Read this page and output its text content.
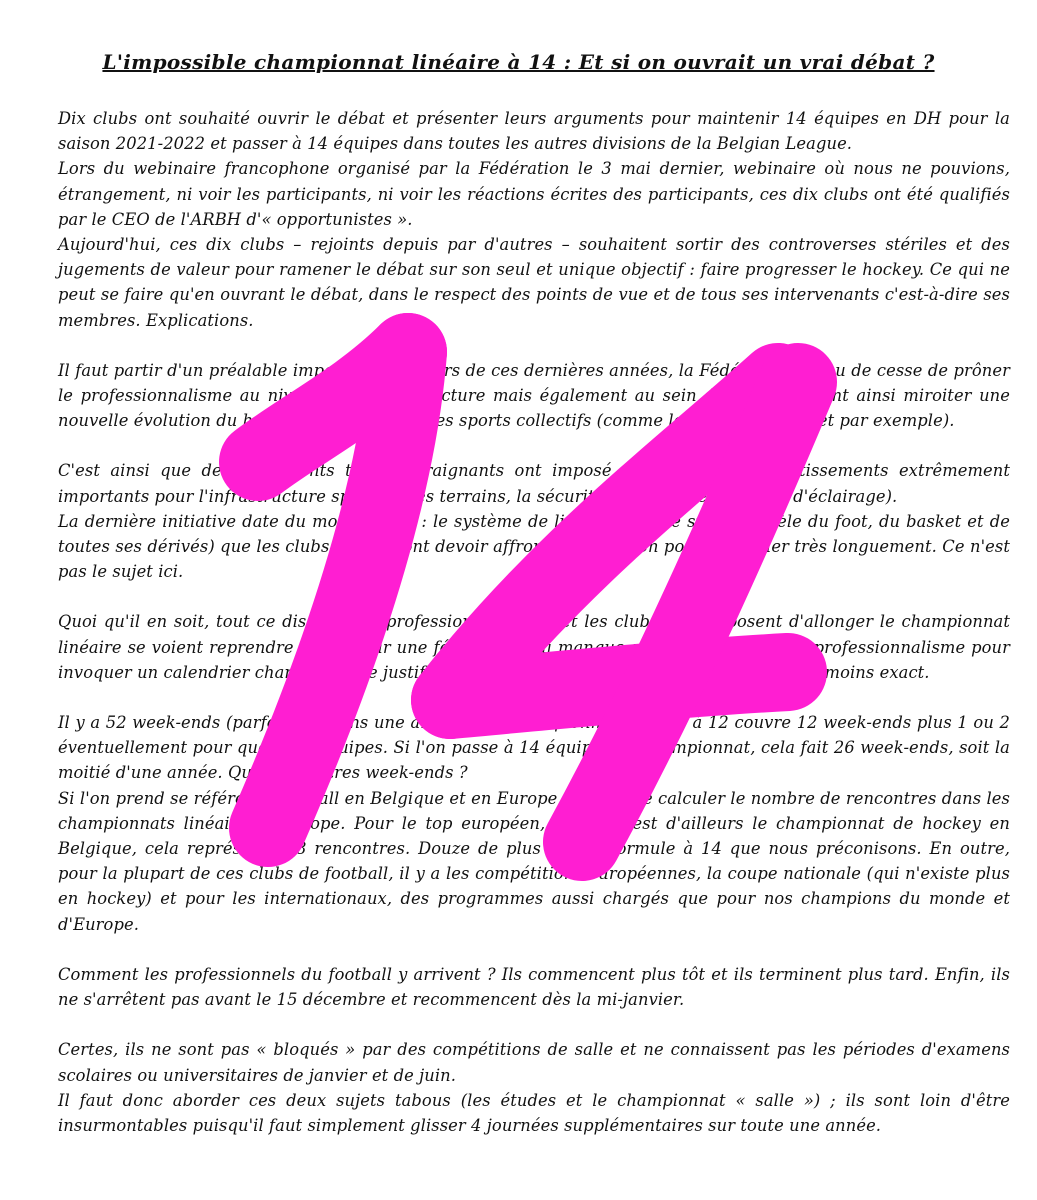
L'impossible championnat linéaire à 14 : Et si on ouvrait un vrai débat ?

Dix clubs ont souhaité ouvrir le débat et présenter leurs arguments pour maintenir 14 équipes en DH pour la saison 2021-2022 et passer à 14 équipes dans toutes les autres divisions de la Belgian League.
Lors du webinaire francophone organisé par la Fédération le 3 mai dernier, webinaire où nous ne pouvions, étrangement, ni voir les participants, ni voir les réactions écrites des participants, ces dix clubs ont été qualifiés par le CEO de l'ARBH d'« opportunistes ».
Aujourd'hui, ces dix clubs – rejoints depuis par d'autres – souhaitent sortir des controverses stériles et des jugements de valeur pour ramener le débat sur son seul et unique objectif : faire progresser le hockey. Ce qui ne peut se faire qu'en ouvrant le débat, dans le respect des points de vue et de tous ses intervenants c'est-à-dire ses membres. Explications.

Il faut partir d'un préalable important. Au cours de ces dernières années, la Fédération n'a eu de cesse de prôner le professionnalisme au niveau de l'infrastructure mais également au sein des clubs faisant ainsi miroiter une nouvelle évolution du hockey à l'instar d'autres sports collectifs (comme le football et basket par exemple).

C'est ainsi que des règlements très contraignants ont imposé aux clubs des investissements extrêmement importants pour l'infrastructure sportive (les terrains, la sécurité ou encore en matière d'éclairage).
La dernière initiative date du mois de juin : le système de licence (calqué sur le modèle du foot, du basket et de toutes ses dérivés) que les clubs de DH vont devoir affronter et dont on pourrait parler très longuement. Ce n'est pas le sujet ici.

Quoi qu'il en soit, tout ce discours de professionnalisation et les clubs qui proposent d'allonger le championnat linéaire se voient reprendre encore par une fédération qui manque singulièrement de ce professionnalisme pour invoquer un calendrier chargé comme justification au refus d'ouvrir le débat. Or, rien n'est moins exact.

Il y a 52 week-ends (parfois 53) dans une année et le championnat linéaire à 12 couvre 12 week-ends plus 1 ou 2 éventuellement pour quelques équipes. Si l'on passe à 14 équipes en championnat, cela fait 26 week-ends, soit la moitié d'une année. Quid des autres week-ends ?
Si l'on prend se référe au football en Belgique et en Europe, il suffit de calculer le nombre de rencontres dans les championnats linéaires d'Europe. Pour le top européen, comme l'est d'ailleurs le championnat de hockey en Belgique, cela représente 38 rencontres. Douze de plus que la formule à 14 que nous préconisons. En outre, pour la plupart de ces clubs de football, il y a les compétitions européennes, la coupe nationale (qui n'existe plus en hockey) et pour les internationaux, des programmes aussi chargés que pour nos champions du monde et d'Europe.

Comment les professionnels du football y arrivent ? Ils commencent plus tôt et ils terminent plus tard. Enfin, ils ne s'arrêtent pas avant le 15 décembre et recommencent dès la mi-janvier.

Certes, ils ne sont pas « bloqués » par des compétitions de salle et ne connaissent pas les périodes d'examens scolaires ou universitaires de janvier et de juin.
Il faut donc aborder ces deux sujets tabous (les études et le championnat « salle ») ; ils sont loin d'être insurmontables puisqu'il faut simplement glisser 4 journées supplémentaires sur toute une année.
